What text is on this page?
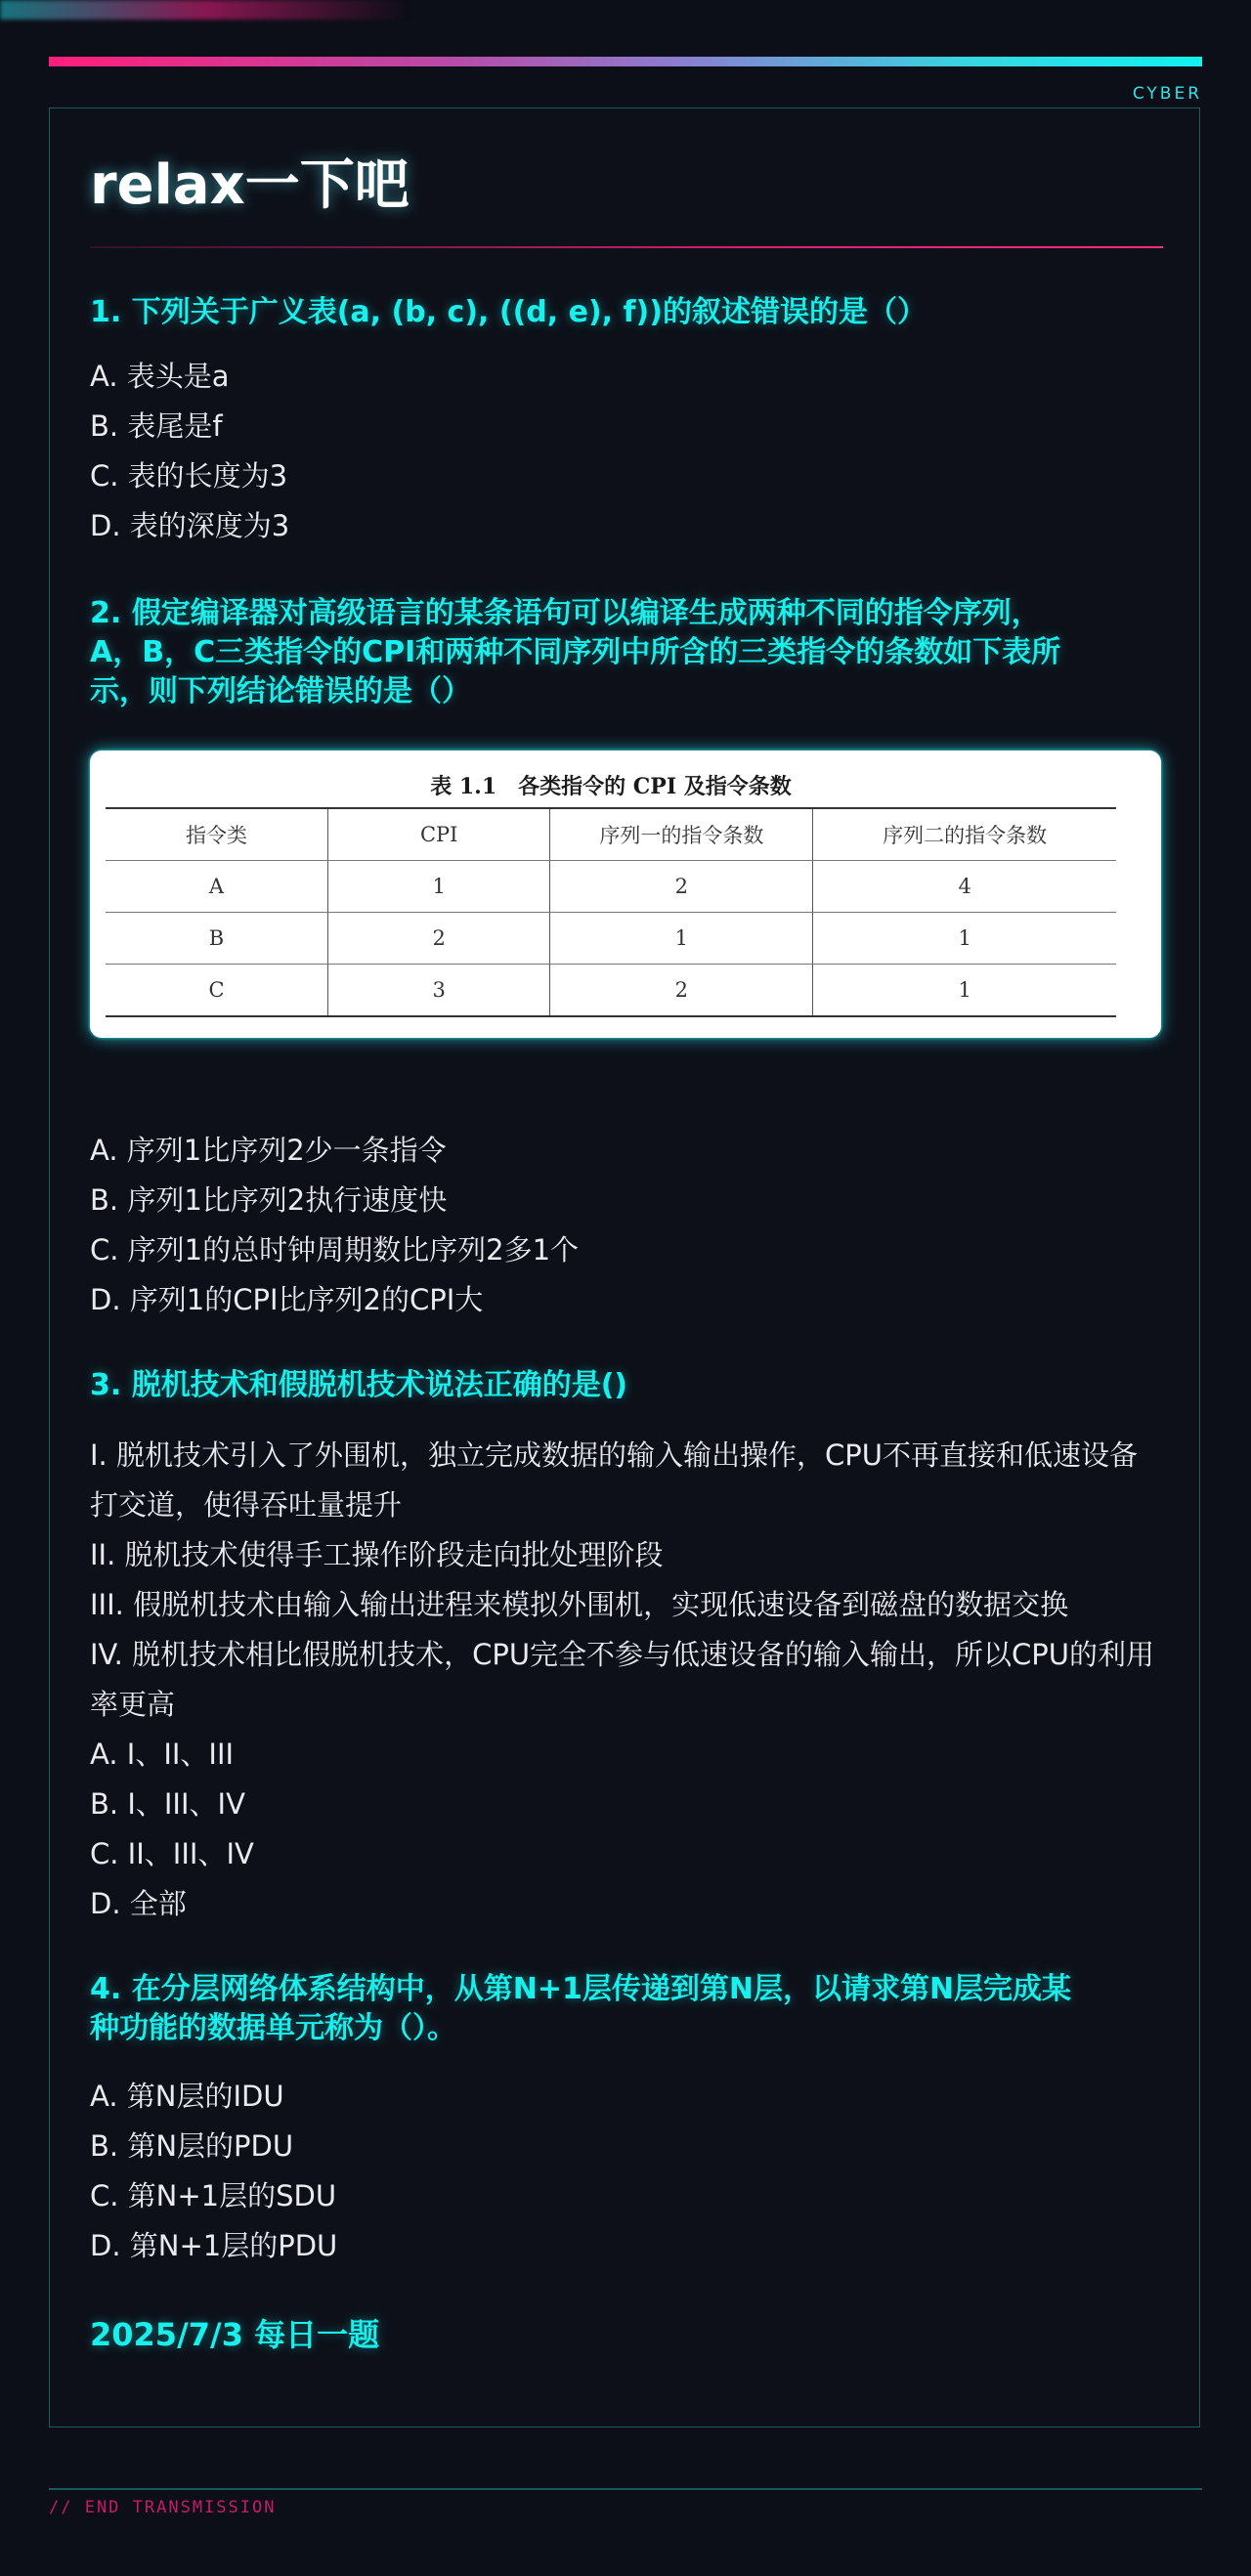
CYBER
relax一下吧

1. 下列关于广义表(a, (b, c), ((d, e), f))的叙述错误的是（）

A. 表头是a

B. 表尾是f

C. 表的长度为3

D. 表的深度为3

2. 假定编译器对高级语言的某条语句可以编译生成两种不同的指令序列，
A，B，C三类指令的CPI和两种不同序列中所含的三类指令的条数如下表所
示，则下列结论错误的是（）

表 1.1　各类指令的 CPI 及指令条数
指令类	CPI	序列一的指令条数	序列二的指令条数
A	1	2	4
B	2	1	1
C	3	2	1

A. 序列1比序列2少一条指令

B. 序列1比序列2执行速度快

C. 序列1的总时钟周期数比序列2多1个

D. 序列1的CPI比序列2的CPI大

3. 脱机技术和假脱机技术说法正确的是()

I. 脱机技术引入了外围机，独立完成数据的输入输出操作，CPU不再直接和低速设备打交道，使得吞吐量提升

II. 脱机技术使得手工操作阶段走向批处理阶段

III. 假脱机技术由输入输出进程来模拟外围机，实现低速设备到磁盘的数据交换

IV. 脱机技术相比假脱机技术，CPU完全不参与低速设备的输入输出，所以CPU的利用率更高

A. I、II、III

B. I、III、IV

C. II、III、IV

D. 全部

4. 在分层网络体系结构中，从第N+1层传递到第N层，以请求第N层完成某
种功能的数据单元称为（）。

A. 第N层的IDU

B. 第N层的PDU

C. 第N+1层的SDU

D. 第N+1层的PDU

2025/7/3 每日一题

// END TRANSMISSION
